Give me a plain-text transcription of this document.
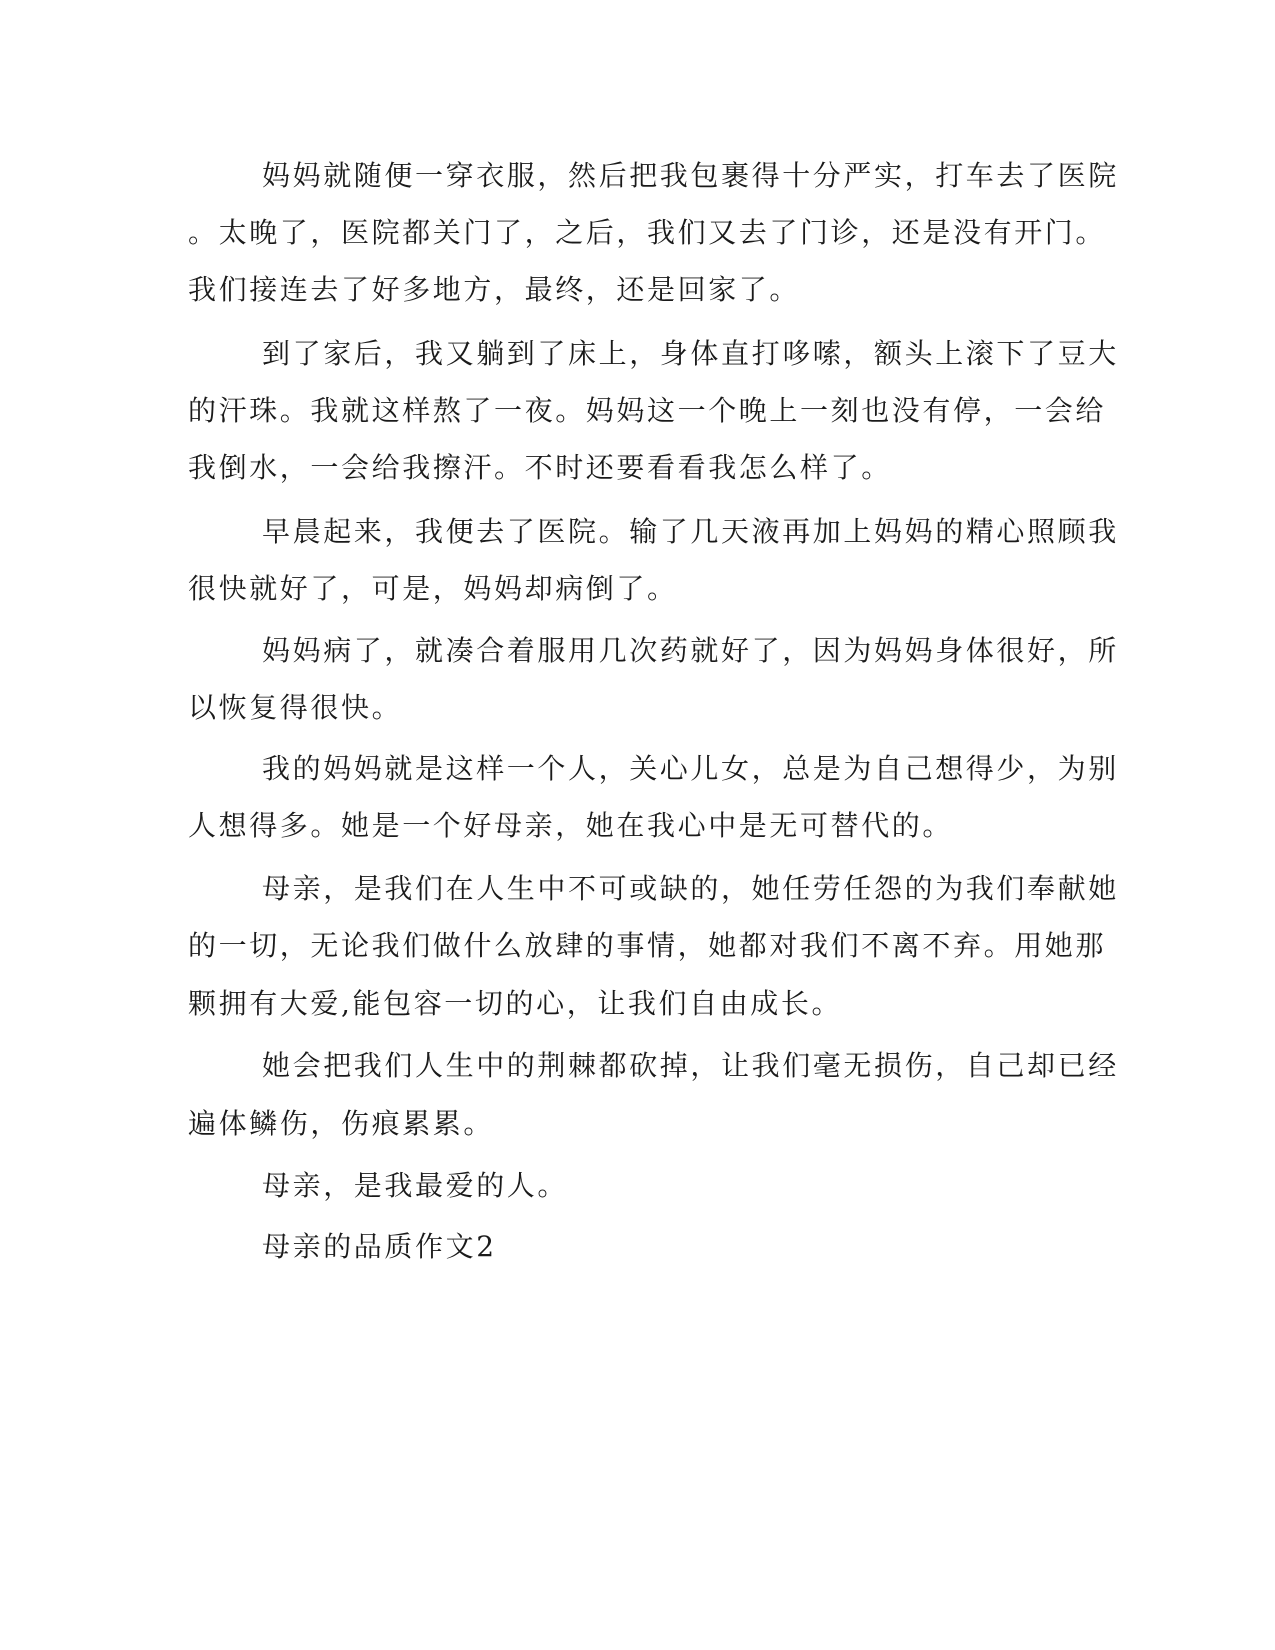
妈妈就随便一穿衣服，然后把我包裹得十分严实，打车去了医院
。太晚了，医院都关门了，之后，我们又去了门诊，还是没有开门。
我们接连去了好多地方，最终，还是回家了。
到了家后，我又躺到了床上，身体直打哆嗦，额头上滚下了豆大
的汗珠。我就这样熬了一夜。妈妈这一个晚上一刻也没有停，一会给
我倒水，一会给我擦汗。不时还要看看我怎么样了。
早晨起来，我便去了医院。输了几天液再加上妈妈的精心照顾我
很快就好了，可是，妈妈却病倒了。
妈妈病了，就凑合着服用几次药就好了，因为妈妈身体很好，所
以恢复得很快。
我的妈妈就是这样一个人，关心儿女，总是为自己想得少，为别
人想得多。她是一个好母亲，她在我心中是无可替代的。
母亲，是我们在人生中不可或缺的，她任劳任怨的为我们奉献她
的一切，无论我们做什么放肆的事情，她都对我们不离不弃。用她那
颗拥有大爱,能包容一切的心，让我们自由成长。
她会把我们人生中的荆棘都砍掉，让我们毫无损伤，自己却已经
遍体鳞伤，伤痕累累。
母亲，是我最爱的人。
母亲的品质作文2
